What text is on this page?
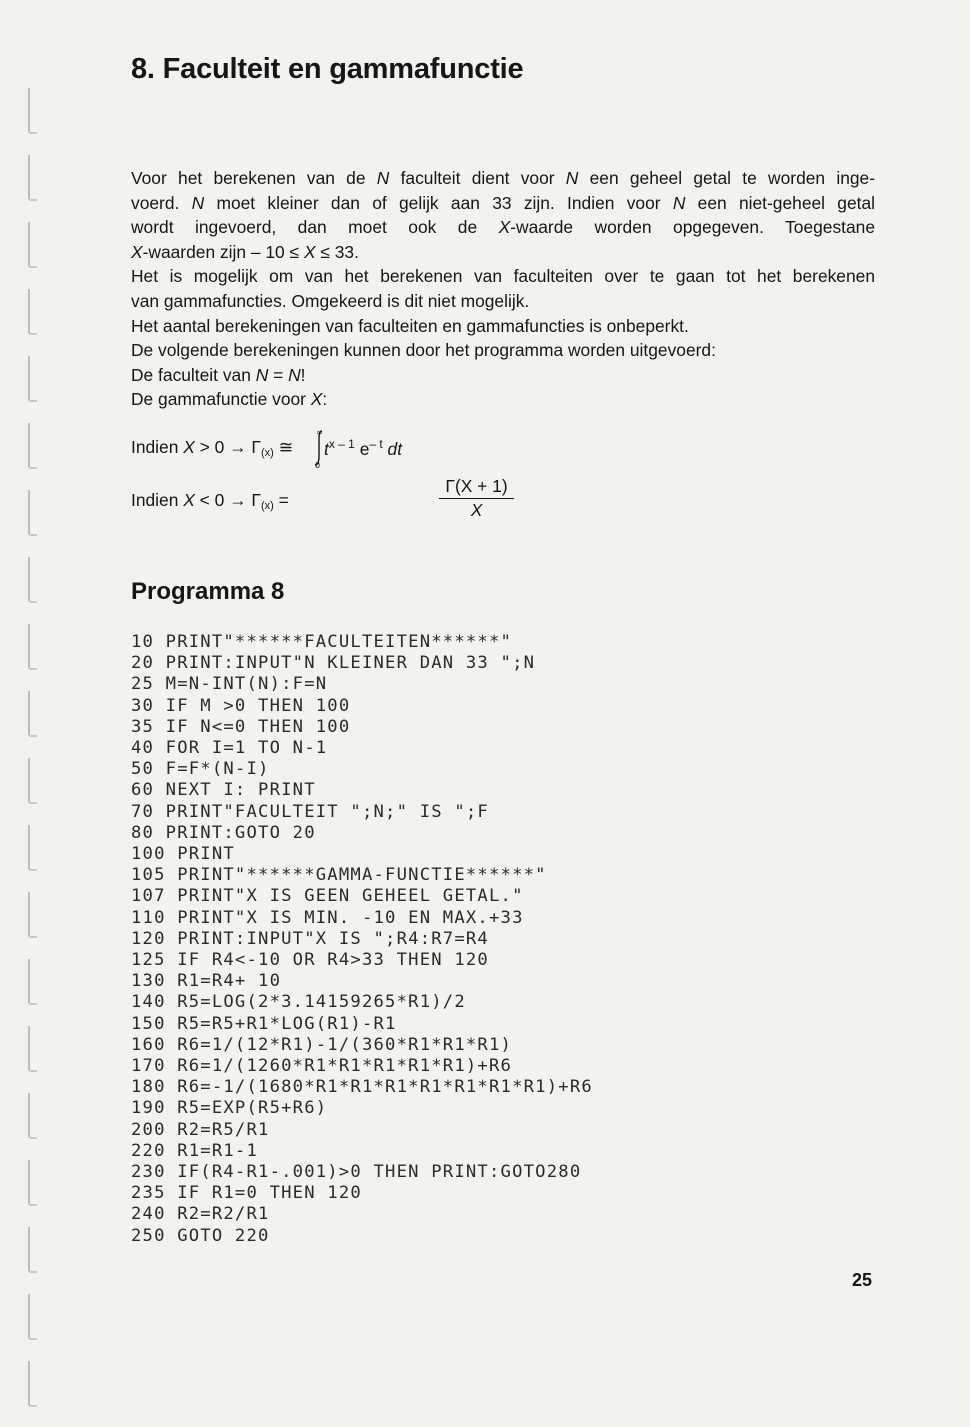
8. Faculteit en gammafunctie

Voor het berekenen van de N faculteit dient voor N een geheel getal te worden inge-

voerd. N moet kleiner dan of gelijk aan 33 zijn. Indien voor N een niet-geheel getal

wordt ingevoerd, dan moet ook de X-waarde worden opgegeven. Toegestane

X-waarden zijn – 10 ≤ X ≤ 33.

Het is mogelijk om van het berekenen van faculteiten over te gaan tot het berekenen

van gammafuncties. Omgekeerd is dit niet mogelijk.

Het aantal berekeningen van faculteiten en gammafuncties is onbeperkt.

De volgende berekeningen kunnen door het programma worden uitgevoerd:

De faculteit van N = N!

De gammafunctie voor X:

Indien $X > 0 \to \Gamma_{(x)}$ ≅
∞
0
$t^{x - 1}$ $e^{- t}$ dt
Indien $X < 0 \to \Gamma_{(x)}$ =	$\frac{\Gamma(X + 1)}{X}$
Programma 8
10 PRINT"******FACULTEITEN******"
20 PRINT:INPUT"N KLEINER DAN 33 ";N
25 M=N-INT(N):F=N
30 IF M >0 THEN 100
35 IF N<=0 THEN 100
40 FOR I=1 TO N-1
50 F=F*(N-I)
60 NEXT I: PRINT
70 PRINT"FACULTEIT ";N;" IS ";F
80 PRINT:GOTO 20
100 PRINT
105 PRINT"******GAMMA-FUNCTIE******"
107 PRINT"X IS GEEN GEHEEL GETAL."
110 PRINT"X IS MIN. -10 EN MAX.+33
120 PRINT:INPUT"X IS ";R4:R7=R4
125 IF R4<-10 OR R4>33 THEN 120
130 R1=R4+ 10
140 R5=LOG(2*3.14159265*R1)/2
150 R5=R5+R1*LOG(R1)-R1
160 R6=1/(12*R1)-1/(360*R1*R1*R1)
170 R6=1/(1260*R1*R1*R1*R1*R1)+R6
180 R6=-1/(1680*R1*R1*R1*R1*R1*R1*R1)+R6
190 R5=EXP(R5+R6)
200 R2=R5/R1
220 R1=R1-1
230 IF(R4-R1-.001)>0 THEN PRINT:GOTO280
235 IF R1=0 THEN 120
240 R2=R2/R1
250 GOTO 220
25
